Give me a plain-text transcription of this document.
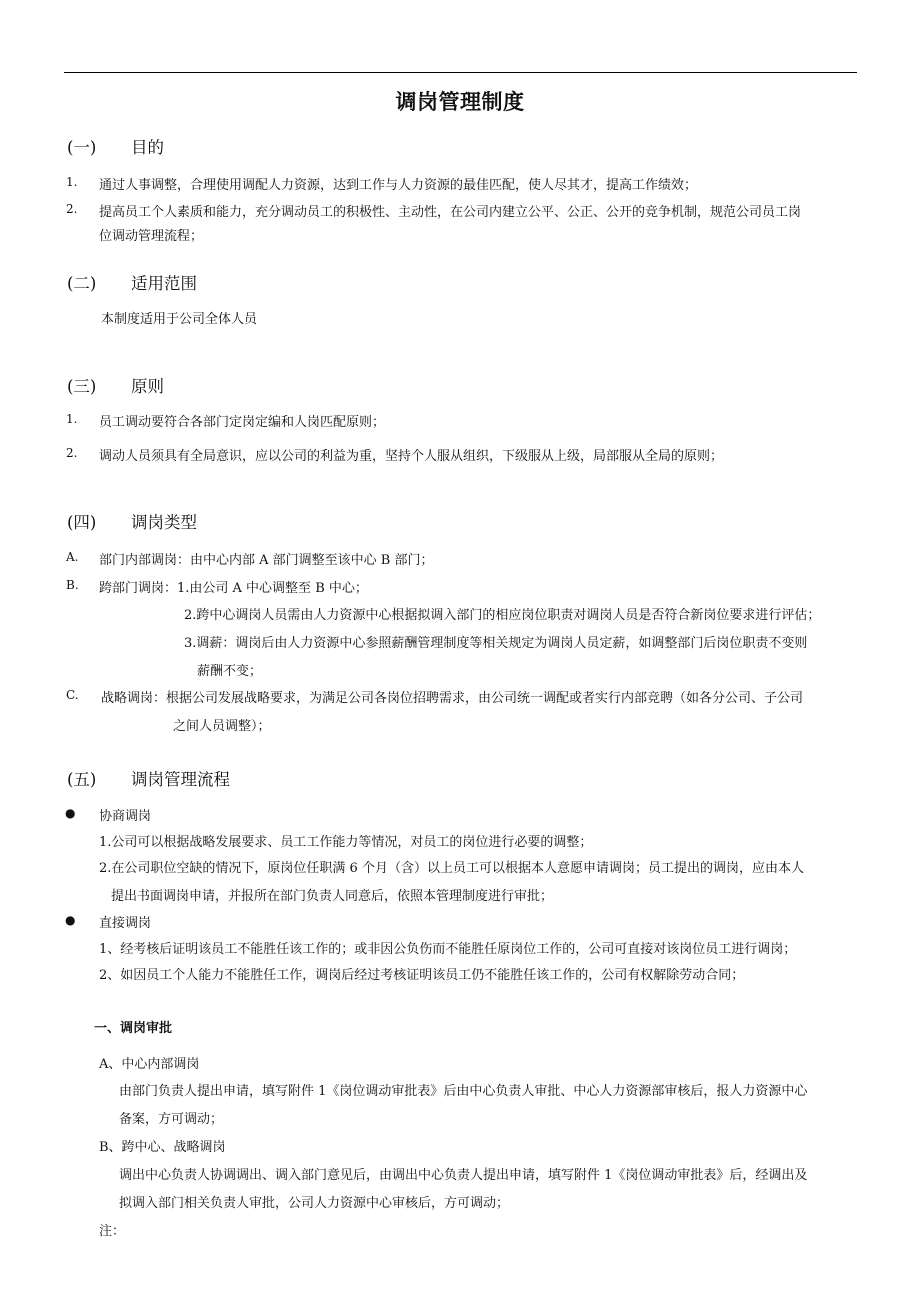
调岗管理制度
(一) 目的
1. 通过人事调整，合理使用调配人力资源，达到工作与人力资源的最佳匹配，使人尽其才，提高工作绩效；
2. 提高员工个人素质和能力，充分调动员工的积极性、主动性，在公司内建立公平、公正、公开的竞争机制，规范公司员工岗
位调动管理流程；
(二) 适用范围
本制度适用于公司全体人员
(三) 原则
1. 员工调动要符合各部门定岗定编和人岗匹配原则；
2. 调动人员须具有全局意识，应以公司的利益为重，坚持个人服从组织，下级服从上级，局部服从全局的原则；
(四) 调岗类型
A. 部门内部调岗：由中心内部 A 部门调整至该中心 B 部门；
B. 跨部门调岗：1.由公司 A 中心调整至 B 中心；
2.跨中心调岗人员需由人力资源中心根据拟调入部门的相应岗位职责对调岗人员是否符合新岗位要求进行评估；
3.调薪：调岗后由人力资源中心参照薪酬管理制度等相关规定为调岗人员定薪，如调整部门后岗位职责不变则
薪酬不变；
C. 战略调岗：根据公司发展战略要求，为满足公司各岗位招聘需求，由公司统一调配或者实行内部竞聘（如各分公司、子公司
之间人员调整）；
(五) 调岗管理流程
● 协商调岗
1.公司可以根据战略发展要求、员工工作能力等情况，对员工的岗位进行必要的调整；
2.在公司职位空缺的情况下，原岗位任职满 6 个月（含）以上员工可以根据本人意愿申请调岗；员工提出的调岗，应由本人
提出书面调岗申请，并报所在部门负责人同意后，依照本管理制度进行审批；
● 直接调岗
1、经考核后证明该员工不能胜任该工作的；或非因公负伤而不能胜任原岗位工作的，公司可直接对该岗位员工进行调岗；
2、如因员工个人能力不能胜任工作，调岗后经过考核证明该员工仍不能胜任该工作的，公司有权解除劳动合同；
一、调岗审批
A、中心内部调岗
由部门负责人提出申请，填写附件 1《岗位调动审批表》后由中心负责人审批、中心人力资源部审核后，报人力资源中心
备案，方可调动；
B、跨中心、战略调岗
调出中心负责人协调调出、调入部门意见后，由调出中心负责人提出申请，填写附件 1《岗位调动审批表》后，经调出及
拟调入部门相关负责人审批，公司人力资源中心审核后，方可调动；
注：
